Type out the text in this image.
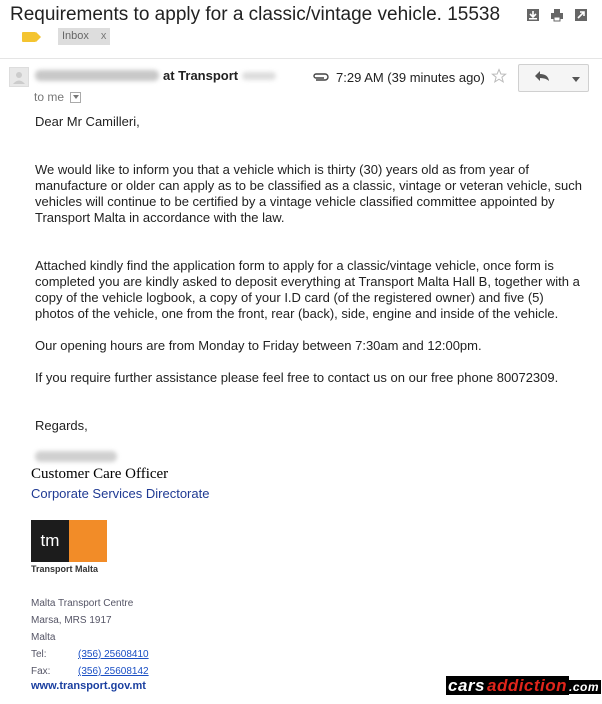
Requirements to apply for a classic/vintage vehicle. 15538
Inbox x
at Transport	7:29 AM (39 minutes ago)
to me
Dear Mr Camilleri,
We would like to inform you that a vehicle which is thirty (30) years old as from year of manufacture or older can apply as to be classified as a classic, vintage or veteran vehicle, such vehicles will continue to be certified by a vintage vehicle classified committee appointed by Transport Malta in accordance with the law.
Attached kindly find the application form to apply for a classic/vintage vehicle, once form is completed you are kindly asked to deposit everything at Transport Malta Hall B, together with a copy of the vehicle logbook, a copy of your I.D card (of the registered owner) and five (5) photos of the vehicle, one from the front, rear (back), side, engine and inside of the vehicle.
Our opening hours are from Monday to Friday between 7:30am and 12:00pm.
If you require further assistance please feel free to contact us on our free phone 80072309.
Regards,
Customer Care Officer
Corporate Services Directorate
tm
Transport Malta
Malta Transport Centre
Marsa, MRS 1917
Malta
Tel:	(356) 25608410
Fax:	(356) 25608142
www.transport.gov.mt	cars addiction .com
